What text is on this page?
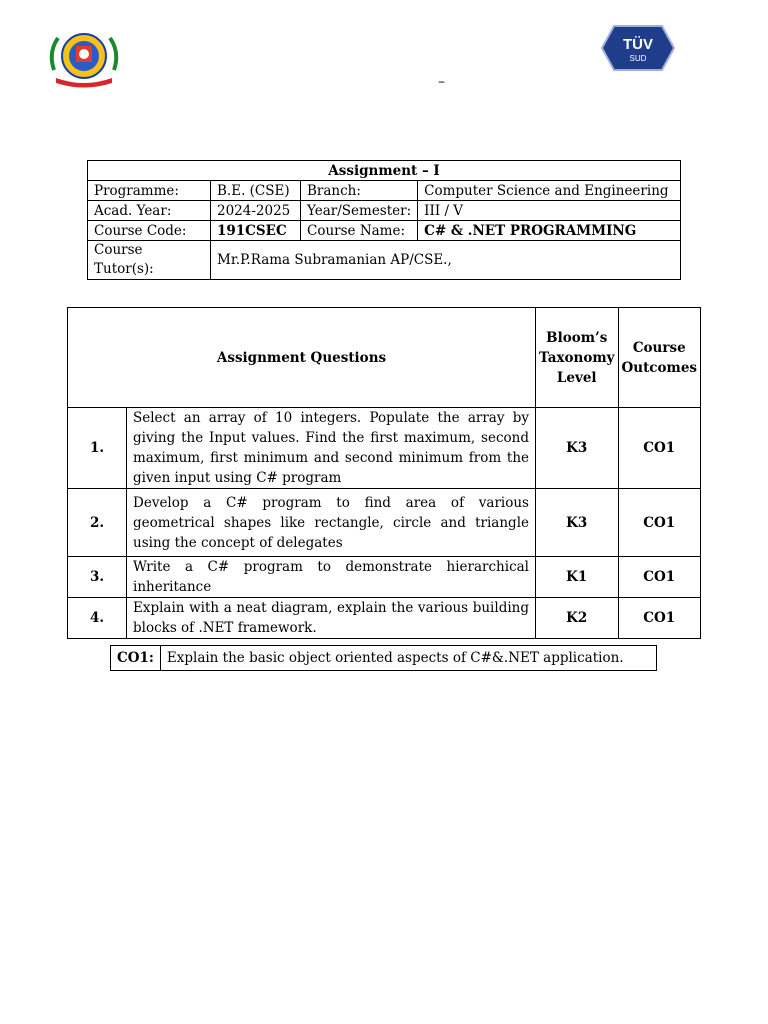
TÜV
SUD
–
Assignment – I			
Programme:	B.E. (CSE)	Branch:	Computer Science and Engineering
Acad. Year:	2024-2025	Year/Semester:	III / V
Course Code:	191CSEC	Course Name:	C# & .NET PROGRAMMING
Course Tutor(s):	Mr.P.Rama Subramanian AP/CSE.,		
Assignment Questions		Bloom’s Taxonomy Level	Course Outcomes
1.	Select an array of 10 integers. Populate the array by giving the Input values. Find the first maximum, second maximum, first minimum and second minimum from the given input using C# program	K3	CO1
2.	Develop a C# program to find area of various geometrical shapes like rectangle, circle and triangle using the concept of delegates	K3	CO1
3.	Write a C# program to demonstrate hierarchical inheritance	K1	CO1
4.	Explain with a neat diagram, explain the various building blocks of .NET framework.	K2	CO1
CO1:	Explain the basic object oriented aspects of C#&.NET application.
